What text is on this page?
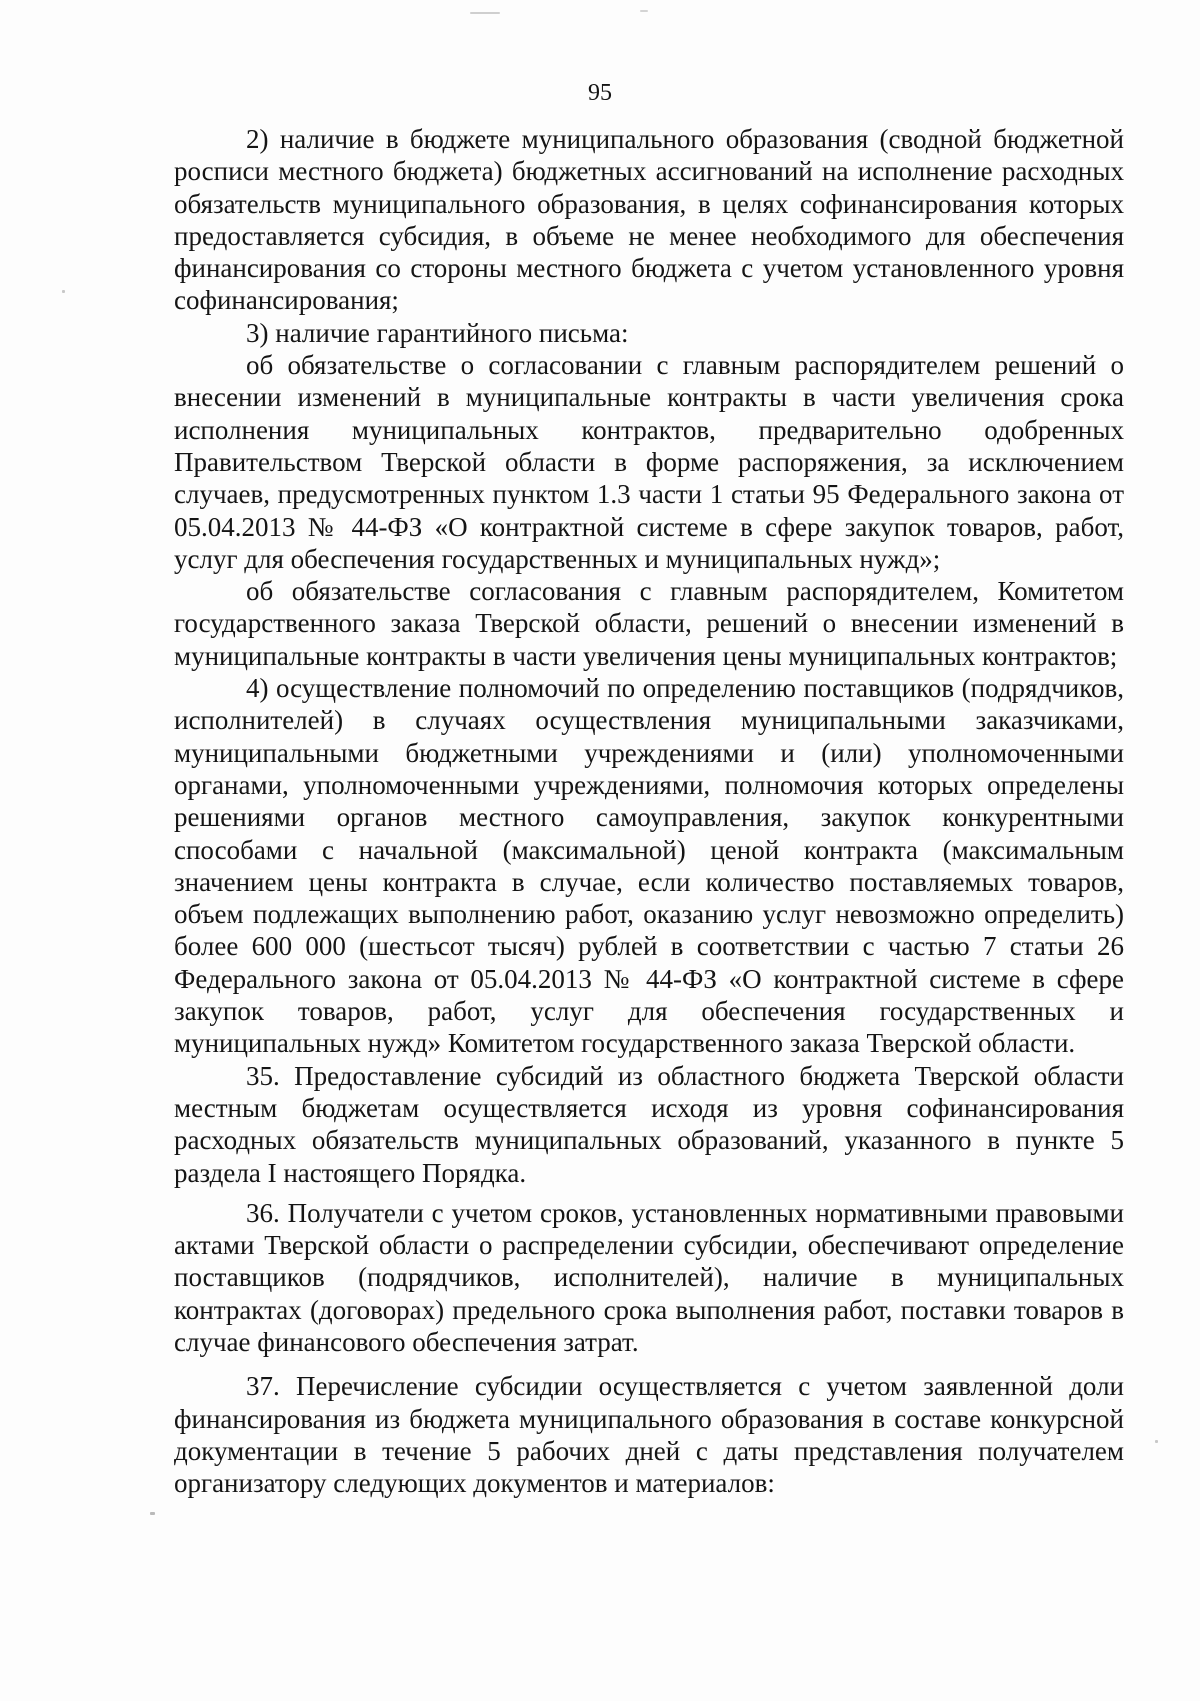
95

2) наличие в бюджете муниципального образования (сводной бюджетной росписи местного бюджета) бюджетных ассигнований на исполнение расходных обязательств муниципального образования, в целях софинансирования которых предоставляется субсидия, в объеме не менее необходимого для обеспечения финансирования со стороны местного бюджета с учетом установленного уровня софинансирования;

3) наличие гарантийного письма:

об обязательстве о согласовании с главным распорядителем решений о внесении изменений в муниципальные контракты в части увеличения срока исполнения муниципальных контрактов, предварительно одобренных Правительством Тверской области в форме распоряжения, за исключением случаев, предусмотренных пунктом 1.3 части 1 статьи 95 Федерального закона от 05.04.2013 № 44-ФЗ «О контрактной системе в сфере закупок товаров, работ, услуг для обеспечения государственных и муниципальных нужд»;

об обязательстве согласования с главным распорядителем, Комитетом государственного заказа Тверской области, решений о внесении изменений в муниципальные контракты в части увеличения цены муниципальных контрактов;

4) осуществление полномочий по определению поставщиков (подрядчиков, исполнителей) в случаях осуществления муниципальными заказчиками, муниципальными бюджетными учреждениями и (или) уполномоченными органами, уполномоченными учреждениями, полномочия которых определены решениями органов местного самоуправления, закупок конкурентными способами с начальной (максимальной) ценой контракта (максимальным значением цены контракта в случае, если количество поставляемых товаров, объем подлежащих выполнению работ, оказанию услуг невозможно определить) более 600 000 (шестьсот тысяч) рублей в соответствии с частью 7 статьи 26 Федерального закона от 05.04.2013 № 44-ФЗ «О контрактной системе в сфере закупок товаров, работ, услуг для обеспечения государственных и муниципальных нужд» Комитетом государственного заказа Тверской области.

35. Предоставление субсидий из областного бюджета Тверской области местным бюджетам осуществляется исходя из уровня софинансирования расходных обязательств муниципальных образований, указанного в пункте 5 раздела I настоящего Порядка.

36. Получатели с учетом сроков, установленных нормативными правовыми актами Тверской области о распределении субсидии, обеспечивают определение поставщиков (подрядчиков, исполнителей), наличие в муниципальных контрактах (договорах) предельного срока выполнения работ, поставки товаров в случае финансового обеспечения затрат.

37. Перечисление субсидии осуществляется с учетом заявленной доли финансирования из бюджета муниципального образования в составе конкурсной документации в течение 5 рабочих дней с даты представления получателем организатору следующих документов и материалов:
